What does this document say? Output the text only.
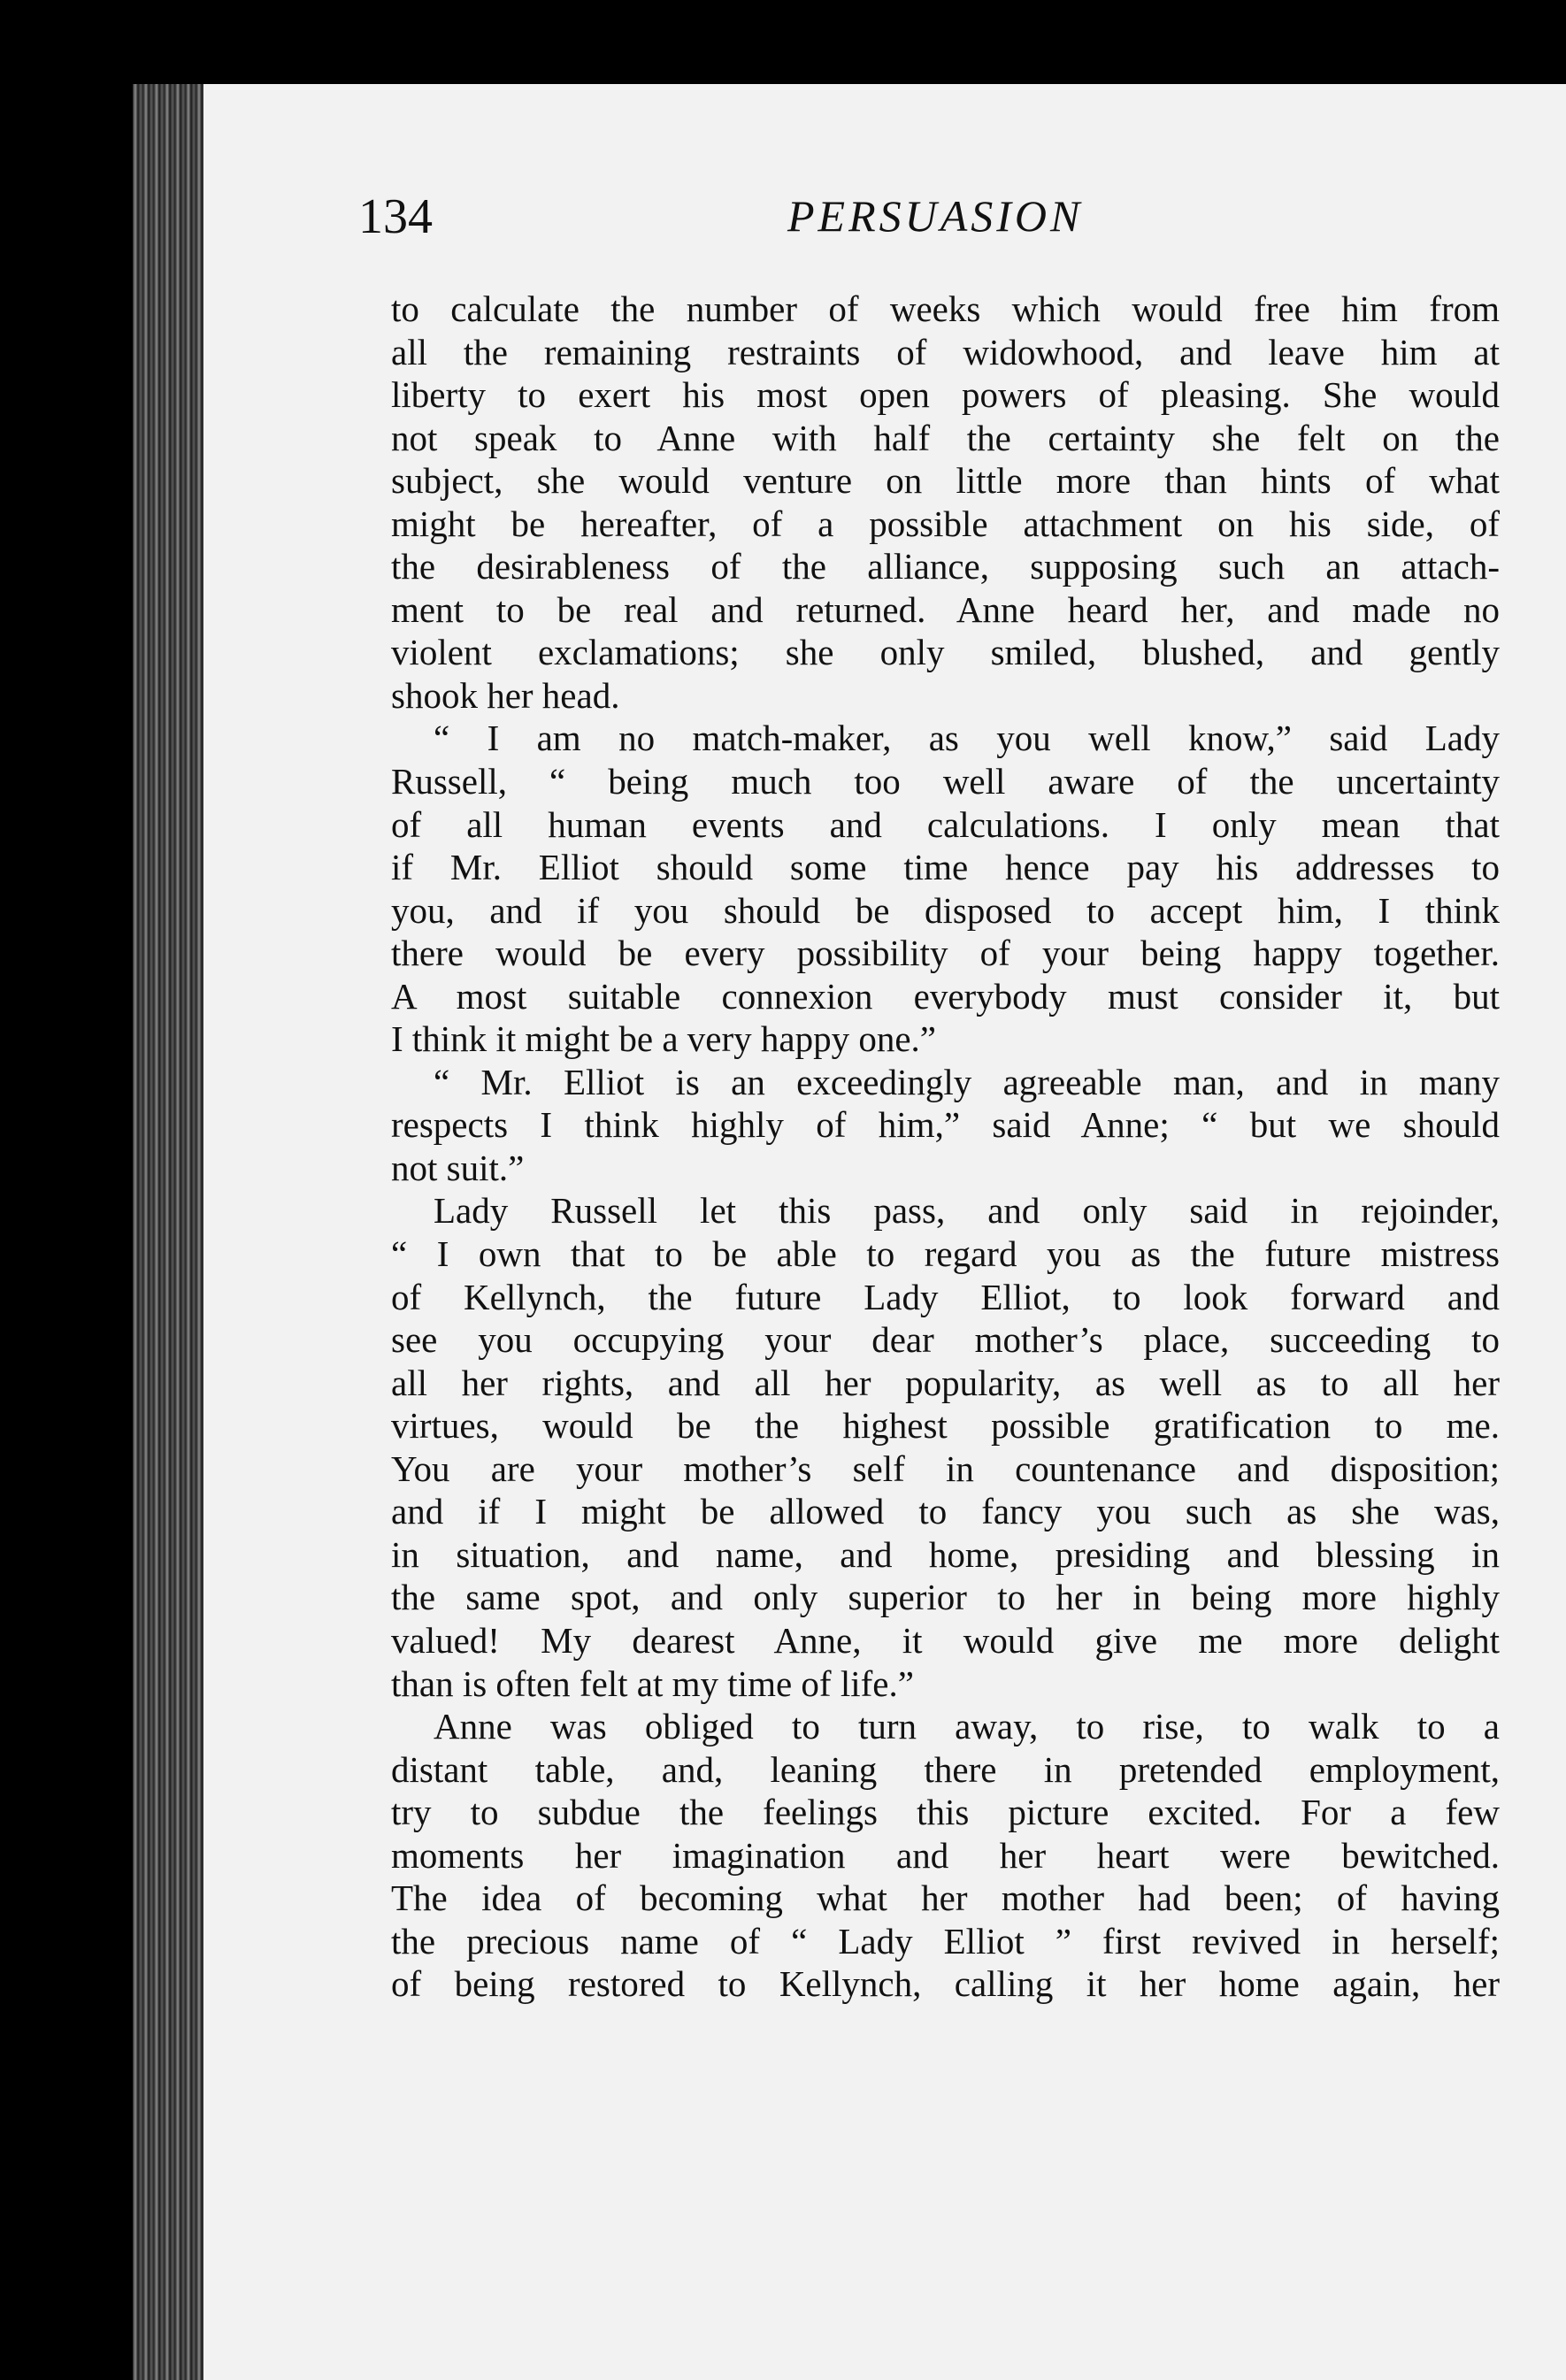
134	PERSUASION
to calculate the number of weeks which would free him from
all the remaining restraints of widowhood, and leave him at
liberty to exert his most open powers of pleasing. She would
not speak to Anne with half the certainty she felt on the
subject, she would venture on little more than hints of what
might be hereafter, of a possible attachment on his side, of
the desirableness of the alliance, supposing such an attach-
ment to be real and returned. Anne heard her, and made no
violent exclamations; she only smiled, blushed, and gently
shook her head.
“ I am no match-maker, as you well know,” said Lady
Russell, “ being much too well aware of the uncertainty
of all human events and calculations. I only mean that
if Mr. Elliot should some time hence pay his addresses to
you, and if you should be disposed to accept him, I think
there would be every possibility of your being happy together.
A most suitable connexion everybody must consider it, but
I think it might be a very happy one.”
“ Mr. Elliot is an exceedingly agreeable man, and in many
respects I think highly of him,” said Anne; “ but we should
not suit.”
Lady Russell let this pass, and only said in rejoinder,
“ I own that to be able to regard you as the future mistress
of Kellynch, the future Lady Elliot, to look forward and
see you occupying your dear mother’s place, succeeding to
all her rights, and all her popularity, as well as to all her
virtues, would be the highest possible gratification to me.
You are your mother’s self in countenance and disposition;
and if I might be allowed to fancy you such as she was,
in situation, and name, and home, presiding and blessing in
the same spot, and only superior to her in being more highly
valued! My dearest Anne, it would give me more delight
than is often felt at my time of life.”
Anne was obliged to turn away, to rise, to walk to a
distant table, and, leaning there in pretended employment,
try to subdue the feelings this picture excited. For a few
moments her imagination and her heart were bewitched.
The idea of becoming what her mother had been; of having
the precious name of “ Lady Elliot ” first revived in herself;
of being restored to Kellynch, calling it her home again, her
